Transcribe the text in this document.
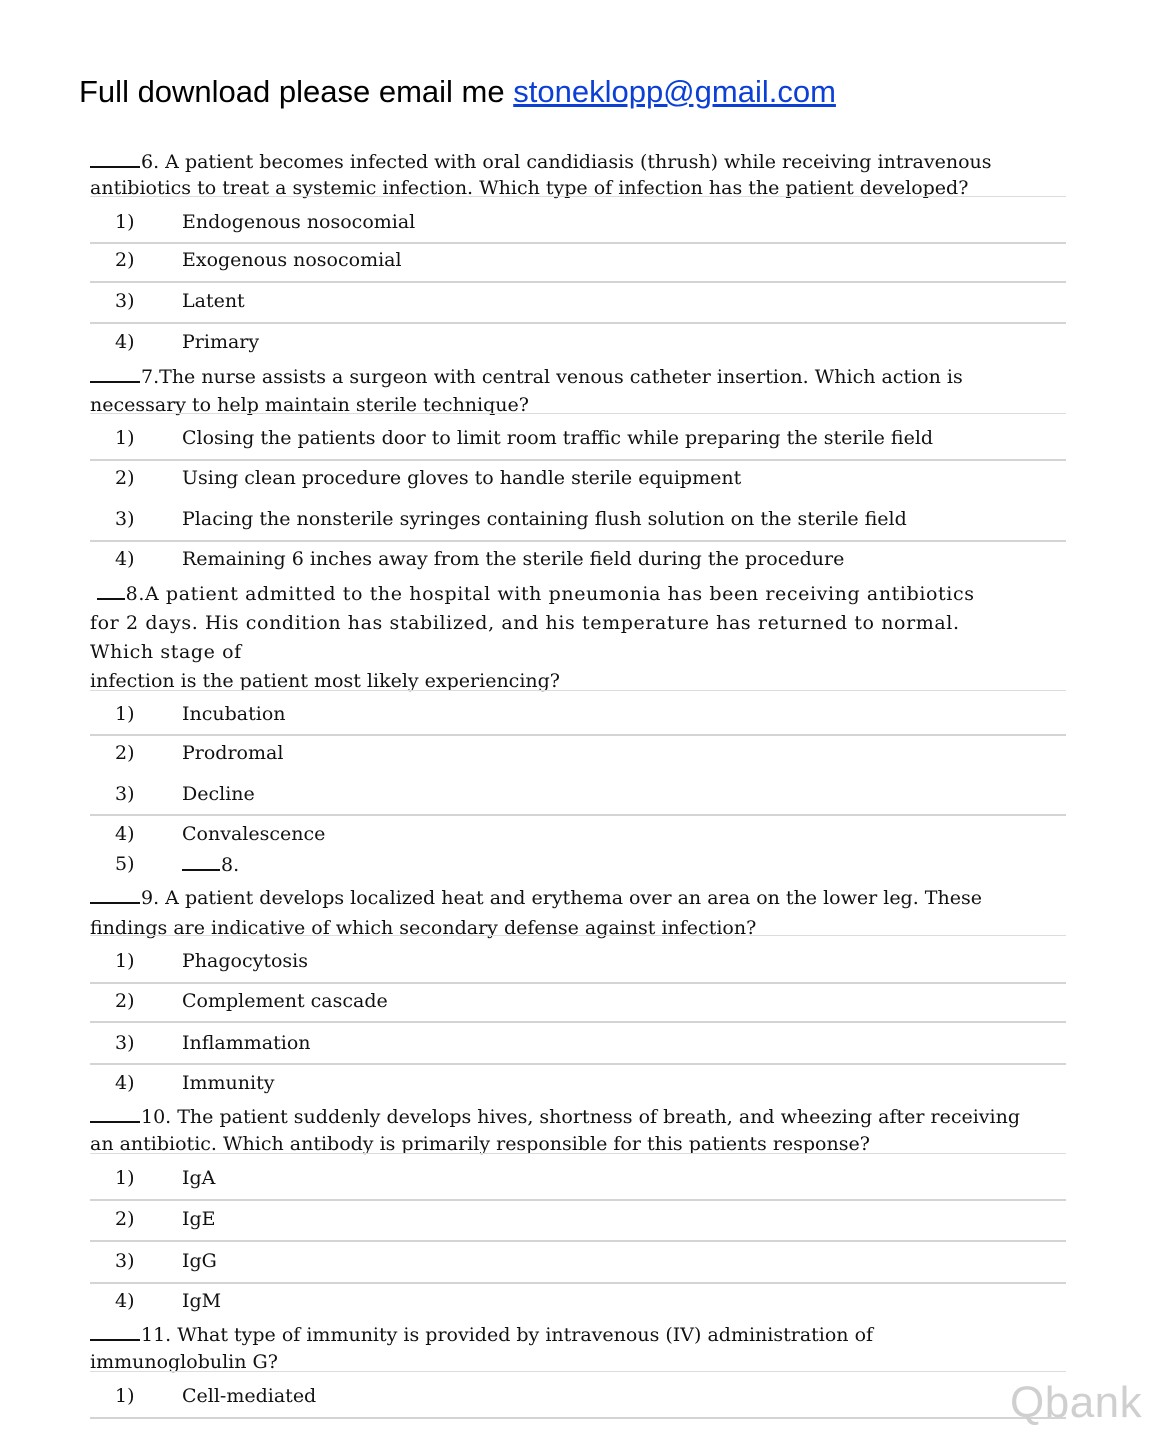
Full download please email me stoneklopp@gmail.com
6. A patient becomes infected with oral candidiasis (thrush) while receiving intravenous
antibiotics to treat a systemic infection. Which type of infection has the patient developed?
1) Endogenous nosocomial
2) Exogenous nosocomial
3) Latent
4) Primary
7.The nurse assists a surgeon with central venous catheter insertion. Which action is
necessary to help maintain sterile technique?
1) Closing the patients door to limit room traffic while preparing the sterile field
2) Using clean procedure gloves to handle sterile equipment
3) Placing the nonsterile syringes containing flush solution on the sterile field
4) Remaining 6 inches away from the sterile field during the procedure
8.A patient admitted to the hospital with pneumonia has been receiving antibiotics
for 2 days. His condition has stabilized, and his temperature has returned to normal.
Which stage of
infection is the patient most likely experiencing?
1) Incubation
2) Prodromal
3) Decline
4) Convalescence
5)	8.
9. A patient develops localized heat and erythema over an area on the lower leg. These
findings are indicative of which secondary defense against infection?
1) Phagocytosis
2) Complement cascade
3) Inflammation
4) Immunity
10. The patient suddenly develops hives, shortness of breath, and wheezing after receiving
an antibiotic. Which antibody is primarily responsible for this patients response?
1) IgA
2) IgE
3) IgG
4) IgM
11. What type of immunity is provided by intravenous (IV) administration of
immunoglobulin G?
1) Cell-mediated	Qbank
